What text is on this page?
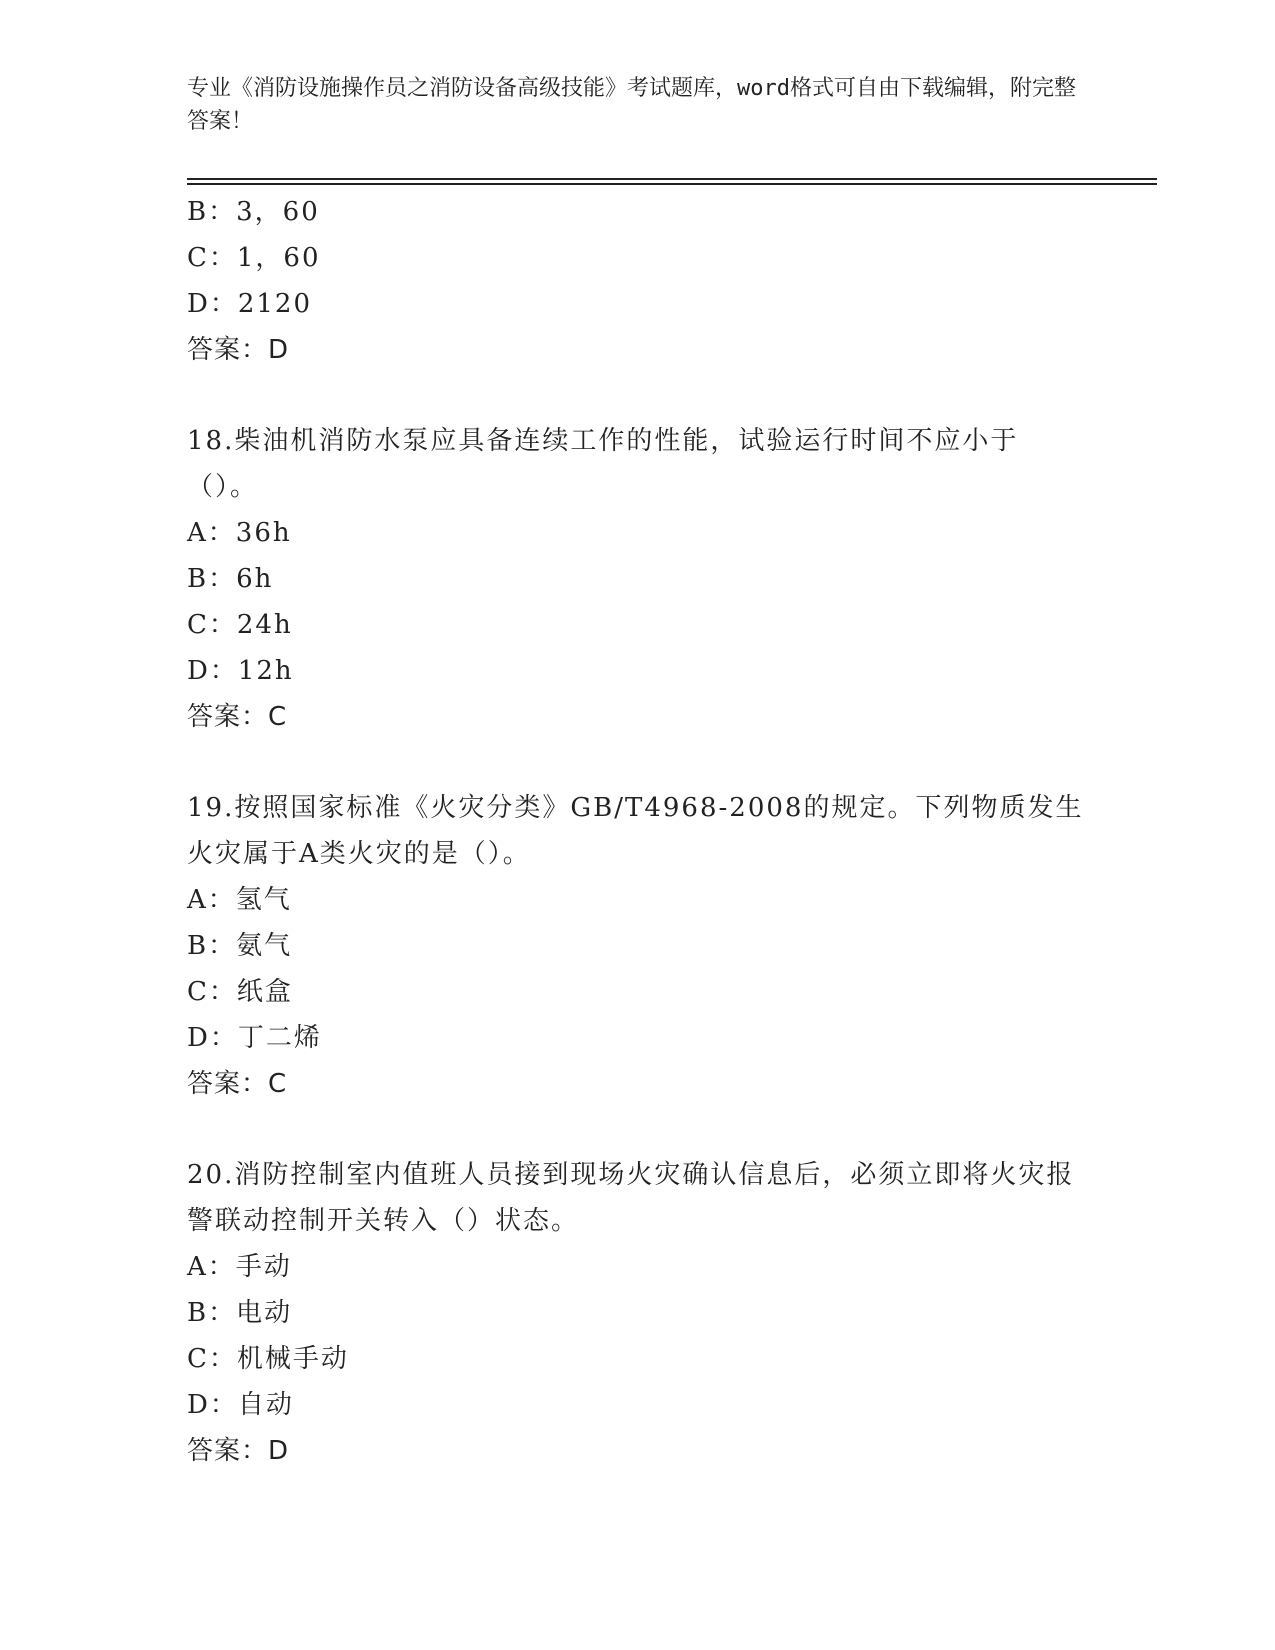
专业《消防设施操作员之消防设备高级技能》考试题库，word格式可自由下载编辑，附完整答案！
B：3，60
C：1，60
D：2120
答案：D
18.柴油机消防水泵应具备连续工作的性能，试验运行时间不应小于（）。
A：36h
B：6h
C：24h
D：12h
答案：C
19.按照国家标准《火灾分类》GB/T4968-2008的规定。下列物质发生火灾属于A类火灾的是（）。
A：氢气
B：氨气
C：纸盒
D：丁二烯
答案：C
20.消防控制室内值班人员接到现场火灾确认信息后，必须立即将火灾报警联动控制开关转入（）状态。
A：手动
B：电动
C：机械手动
D：自动
答案：D
